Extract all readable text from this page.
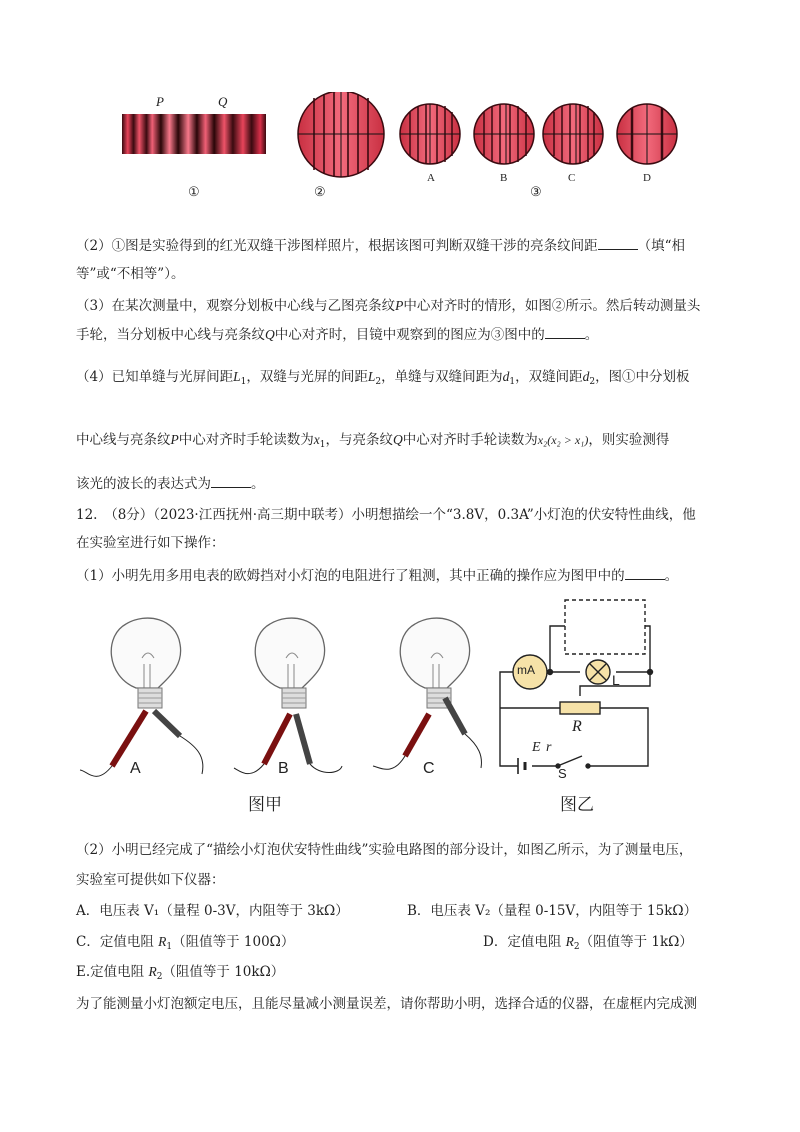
P	Q
①	②
A	B	C	D
③
（2）①图是实验得到的红光双缝干涉图样照片，根据该图可判断双缝干涉的亮条纹间距	（填“相
等”或“不相等”）。
（3）在某次测量中，观察分划板中心线与乙图亮条纹P中心对齐时的情形，如图②所示。然后转动测量头
手轮，当分划板中心线与亮条纹Q中心对齐时，目镜中观察到的图应为③图中的	。
（4）已知单缝与光屏间距$L_1$，双缝与光屏的间距$L_2$，单缝与双缝间距为$d_1$，双缝间距$d_2$，图①中分划板
中心线与亮条纹P中心对齐时手轮读数为$x_1$，与亮条纹Q中心对齐时手轮读数为x₂(x₂ > x₁)，则实验测得
该光的波长的表达式为	。
12.　（8分）（2023·江西抚州·高三期中联考）小明想描绘一个“3.8V，0.3A”小灯泡的伏安特性曲线，他
在实验室进行如下操作：
（1）小明先用多用电表的欧姆挡对小灯泡的电阻进行了粗测，其中正确的操作应为图甲中的	。
A	B	C
图甲	图乙
mA
L
R
E r
S
（2）小明已经完成了“描绘小灯泡伏安特性曲线”实验电路图的部分设计，如图乙所示，为了测量电压，
实验室可提供如下仪器：
A．电压表 V₁（量程 0-3V，内阻等于 3kΩ）	B．电压表 V₂（量程 0-15V，内阻等于 15kΩ）
C．定值电阻 $R_1$（阻值等于 100Ω）	D．定值电阻 $R_2$（阻值等于 1kΩ）
E.定值电阻 $R_2$（阻值等于 10kΩ）
为了能测量小灯泡额定电压，且能尽量减小测量误差，请你帮助小明，选择合适的仪器，在虚框内完成测
